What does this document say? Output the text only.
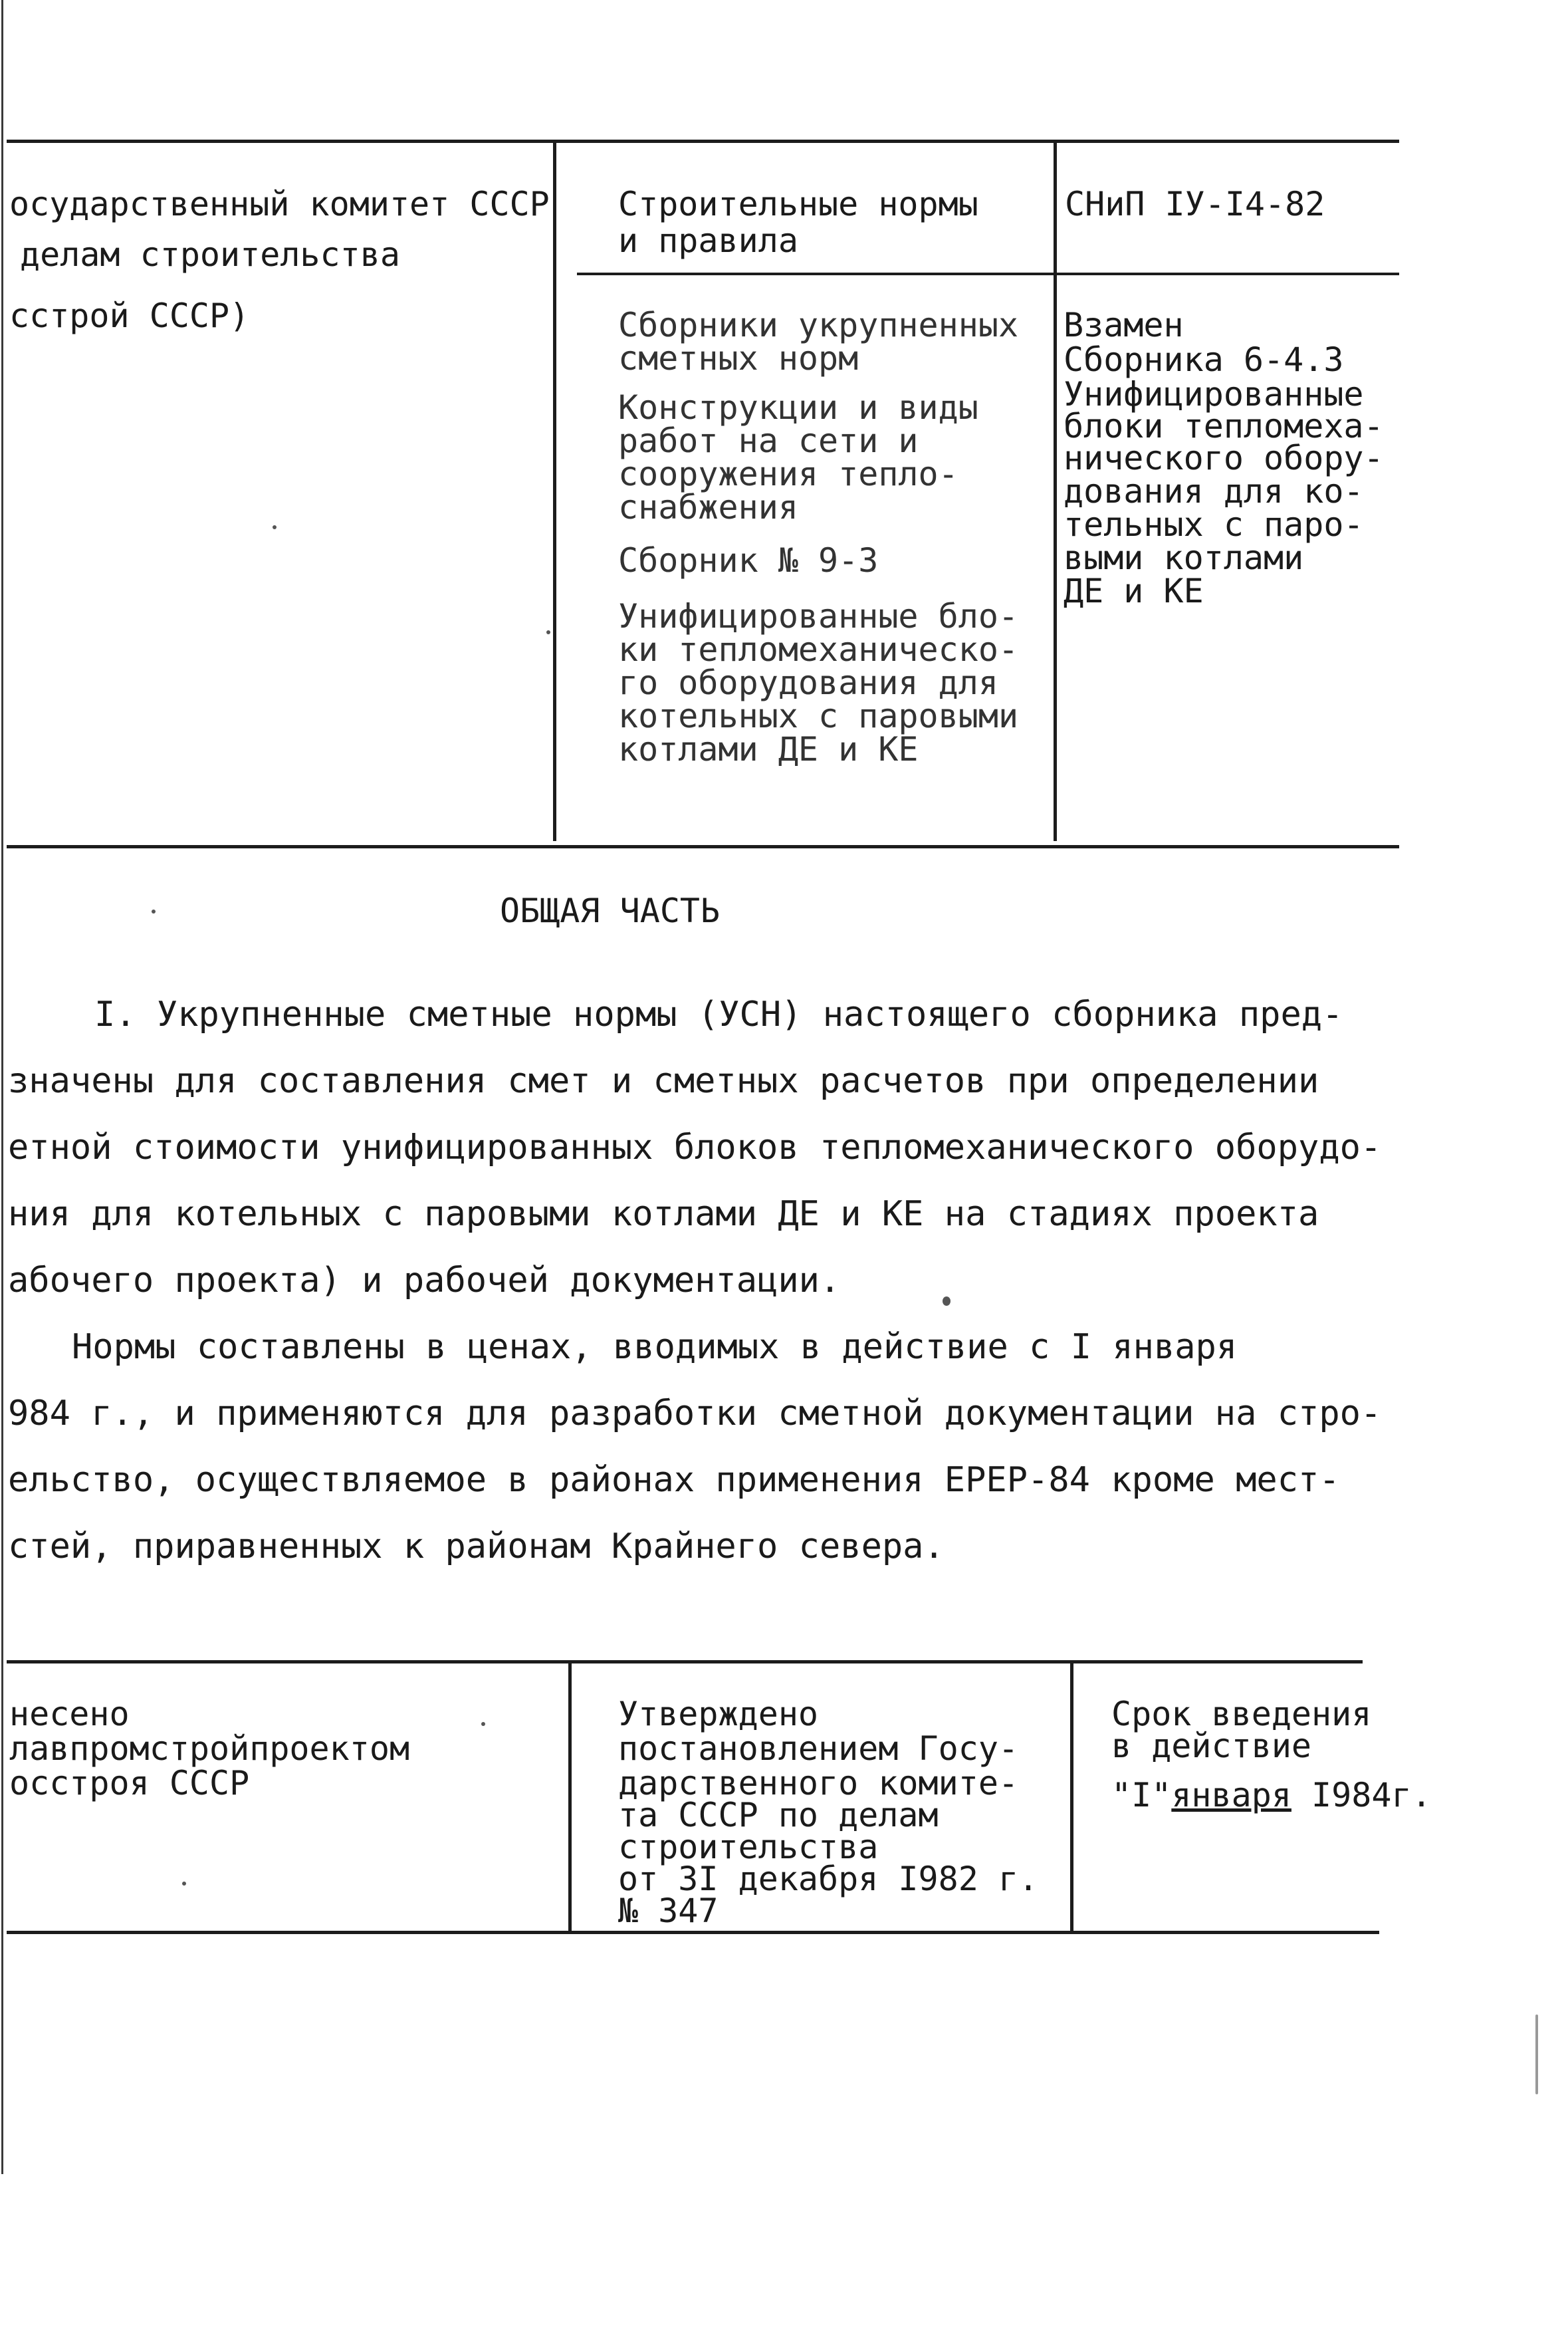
осударственный комитет СССР
делам строительства
сстрой СССР)
Строительные нормы
и правила
СНиП IУ-I4-82
Сборники укрупненных
сметных норм
Конструкции и виды
работ на сети и
сооружения тепло-
снабжения
Сборник № 9-3
Унифицированные бло-
ки тепломеханическо-
го оборудования для
котельных с паровыми
котлами ДЕ и КЕ
Взамен
Сборника 6-4.3
Унифицированные
блоки тепломеха-
нического обору-
дования для ко-
тельных с паро-
выми котлами
ДЕ и КЕ
ОБЩАЯ ЧАСТЬ
I. Укрупненные сметные нормы (УСН) настоящего сборника пред-
значены для составления смет и сметных расчетов при определении
етной стоимости унифицированных блоков тепломеханического оборудо-
ния для котельных с паровыми котлами ДЕ и КЕ на стадиях проекта
абочего проекта) и рабочей документации.
Нормы составлены в ценах, вводимых в действие с I января
984 г., и применяются для разработки сметной документации на стро-
ельство, осуществляемое в районах применения ЕРЕР-84 кроме мест-
стей, приравненных к районам Крайнего севера.
несено
лавпромстройпроектом
осстроя СССР
Утверждено
постановлением Госу-
дарственного комите-
та СССР по делам
строительства
от 3I декабря I982 г.
№ 347
Срок введения
в действие
"I"января I984г.
